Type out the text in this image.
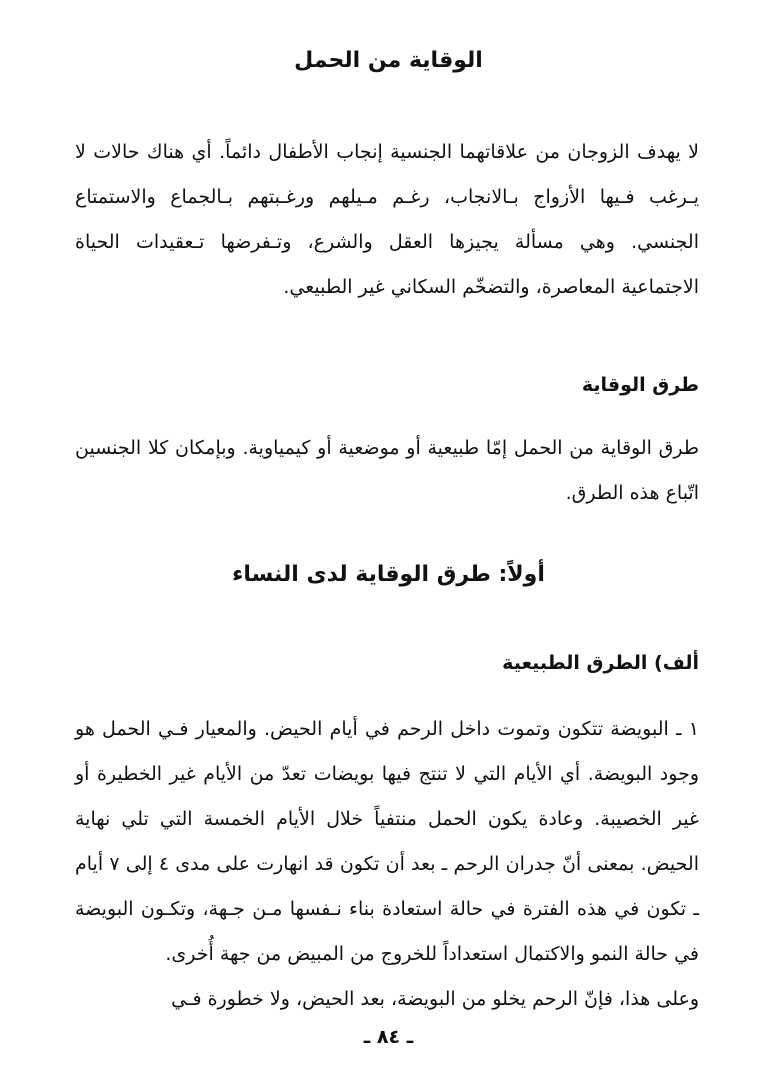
الوقاية من الحمل

لا يهدف الزوجان من علاقاتهما الجنسية إنجاب الأطفال دائماً. أي هناك حالات لا يـرغب فـيها الأزواج بـالانجاب، رغـم مـيلهم ورغـبتهم بـالجماع والاستمتاع الجنسي. وهي مسألة يجيزها العقل والشرع، وتـفرضها تـعقيدات الحياة الاجتماعية المعاصرة، والتضخّم السكاني غير الطبيعي.

طرق الوقاية

طرق الوقاية من الحمل إمّا طبيعية أو موضعية أو كيمياوية. وبإمكان كلا الجنسين اتّباع هذه الطرق.

أولاً: طرق الوقاية لدى النساء
ألف) الطرق الطبيعية
١ ـ البويضة تتكون وتموت داخل الرحم في أيام الحيض. والمعيار فـي الحمل هو وجود البويضة. أي الأيام التي لا تنتج فيها بويضات تعدّ من الأيام غير الخطيرة أو غير الخصيبة. وعادة يكون الحمل منتفياً خلال الأيام الخمسة التي تلي نهاية الحيض. بمعنى أنّ جدران الرحم ـ بعد أن تكون قد انهارت على مدى ٤ إلى ٧ أيام ـ تكون في هذه الفترة في حالة استعادة بناء نـفسها مـن جـهة، وتكـون البويضة في حالة النمو والاكتمال استعداداً للخروج من المبيض من جهة أُخرى.
وعلى هذا، فإنّ الرحم يخلو من البويضة، بعد الحيض، ولا خطورة فـي
ـ ٨٤ ـ
